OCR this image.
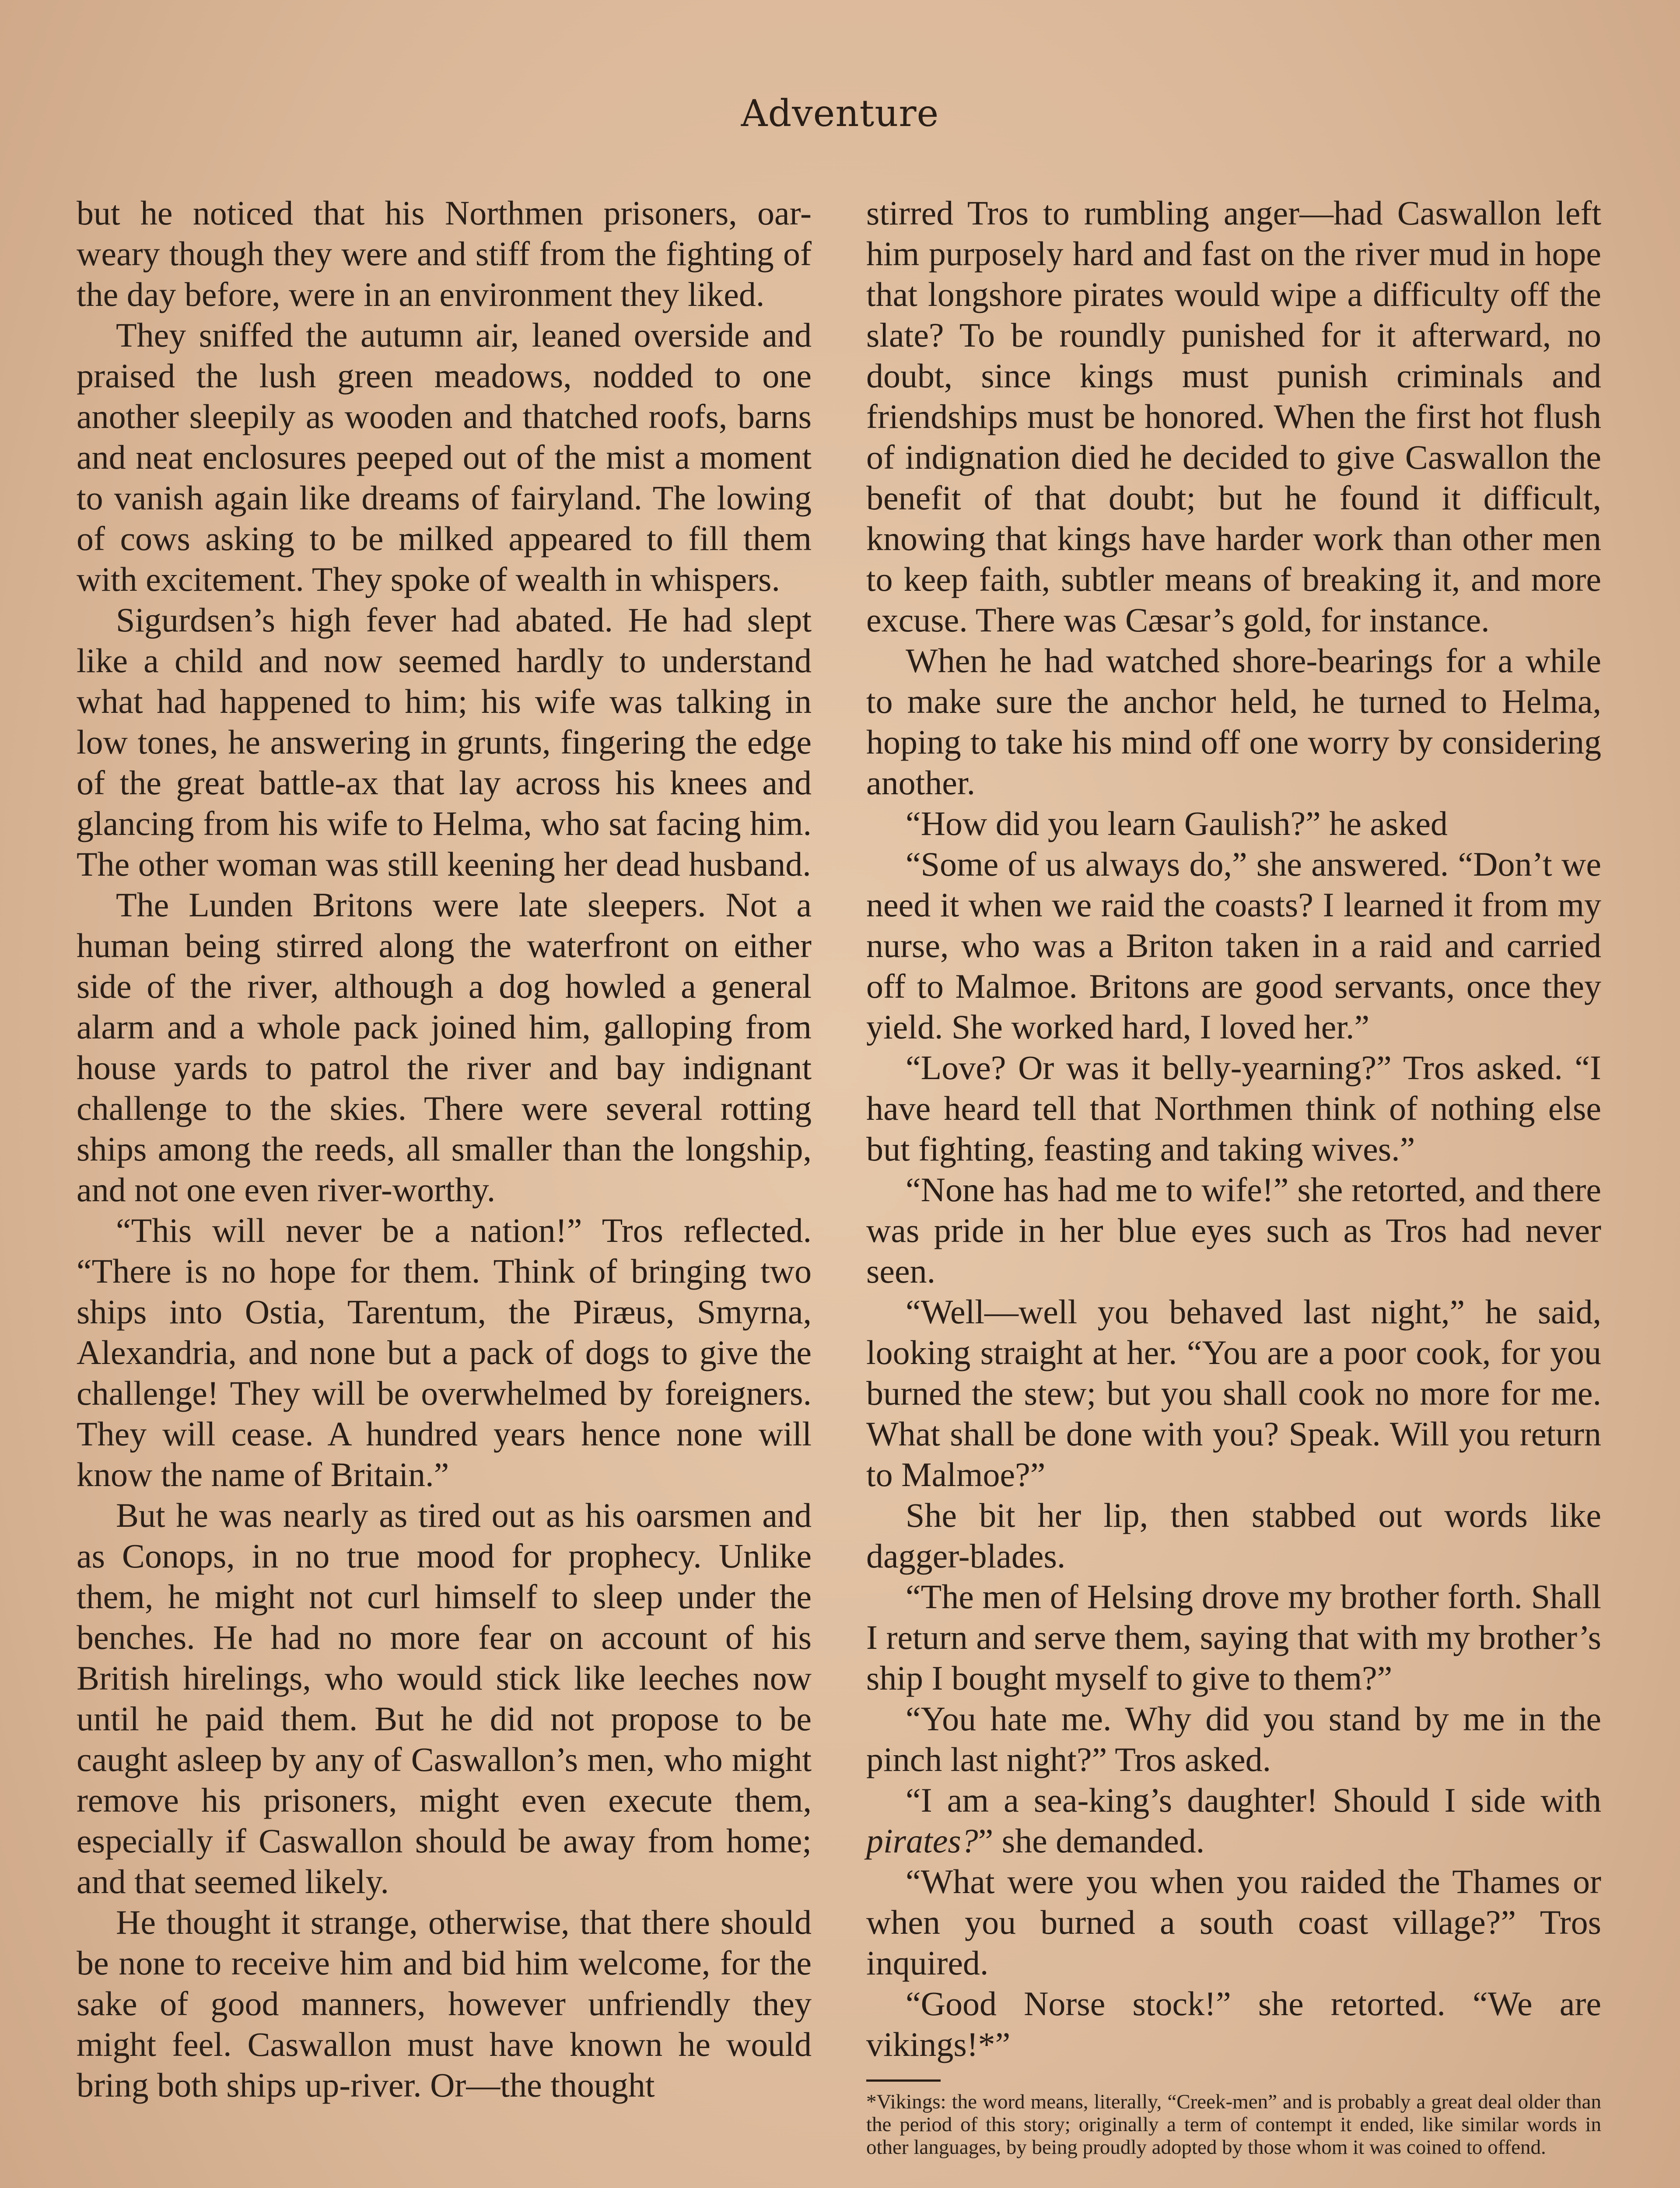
Adventure

but he noticed that his Northmen prisoners, oar-weary though they were and stiff from the fighting of the day before, were in an environment they liked.

They sniffed the autumn air, leaned overside and praised the lush green meadows, nodded to one another sleepily as wooden and thatched roofs, barns and neat enclosures peeped out of the mist a moment to vanish again like dreams of fairyland. The lowing of cows asking to be milked appeared to fill them with excitement. They spoke of wealth in whispers.

Sigurdsen’s high fever had abated. He had slept like a child and now seemed hardly to understand what had happened to him; his wife was talking in low tones, he answering in grunts, fingering the edge of the great battle-ax that lay across his knees and glancing from his wife to Helma, who sat facing him. The other woman was still keening her dead husband.

The Lunden Britons were late sleepers. Not a human being stirred along the waterfront on either side of the river, although a dog howled a general alarm and a whole pack joined him, galloping from house yards to patrol the river and bay indignant challenge to the skies. There were several rotting ships among the reeds, all smaller than the longship, and not one even river-worthy.

“This will never be a nation!” Tros reflected. “There is no hope for them. Think of bringing two ships into Ostia, Tarentum, the Piræus, Smyrna, Alexandria, and none but a pack of dogs to give the challenge! They will be overwhelmed by foreigners. They will cease. A hundred years hence none will know the name of Britain.”

But he was nearly as tired out as his oarsmen and as Conops, in no true mood for prophecy. Unlike them, he might not curl himself to sleep under the benches. He had no more fear on account of his British hirelings, who would stick like leeches now until he paid them. But he did not propose to be caught asleep by any of Caswallon’s men, who might remove his prisoners, might even execute them, especially if Caswallon should be away from home; and that seemed likely.

He thought it strange, otherwise, that there should be none to receive him and bid him welcome, for the sake of good manners, however unfriendly they might feel. Caswallon must have known he would bring both ships up-river. Or—the thought

stirred Tros to rumbling anger—had Caswallon left him purposely hard and fast on the river mud in hope that longshore pirates would wipe a difficulty off the slate? To be roundly punished for it afterward, no doubt, since kings must punish criminals and friendships must be honored. When the first hot flush of indignation died he decided to give Caswallon the benefit of that doubt; but he found it difficult, knowing that kings have harder work than other men to keep faith, subtler means of breaking it, and more excuse. There was Cæsar’s gold, for instance.

When he had watched shore-bearings for a while to make sure the anchor held, he turned to Helma, hoping to take his mind off one worry by considering another.

“How did you learn Gaulish?” he asked

“Some of us always do,” she answered. “Don’t we need it when we raid the coasts? I learned it from my nurse, who was a Briton taken in a raid and carried off to Malmoe. Britons are good servants, once they yield. She worked hard, I loved her.”

“Love? Or was it belly-yearning?” Tros asked. “I have heard tell that Northmen think of nothing else but fighting, feasting and taking wives.”

“None has had me to wife!” she retorted, and there was pride in her blue eyes such as Tros had never seen.

“Well—well you behaved last night,” he said, looking straight at her. “You are a poor cook, for you burned the stew; but you shall cook no more for me. What shall be done with you? Speak. Will you return to Malmoe?”

She bit her lip, then stabbed out words like dagger-blades.

“The men of Helsing drove my brother forth. Shall I return and serve them, saying that with my brother’s ship I bought myself to give to them?”

“You hate me. Why did you stand by me in the pinch last night?” Tros asked.

“I am a sea-king’s daughter! Should I side with pirates?” she demanded.

“What were you when you raided the Thames or when you burned a south coast village?” Tros inquired.

“Good Norse stock!” she retorted. “We are vikings!*”

*Vikings: the word means, literally, “Creek-men” and is probably a great deal older than the period of this story; originally a term of contempt it ended, like similar words in other languages, by being proudly adopted by those whom it was coined to offend.
